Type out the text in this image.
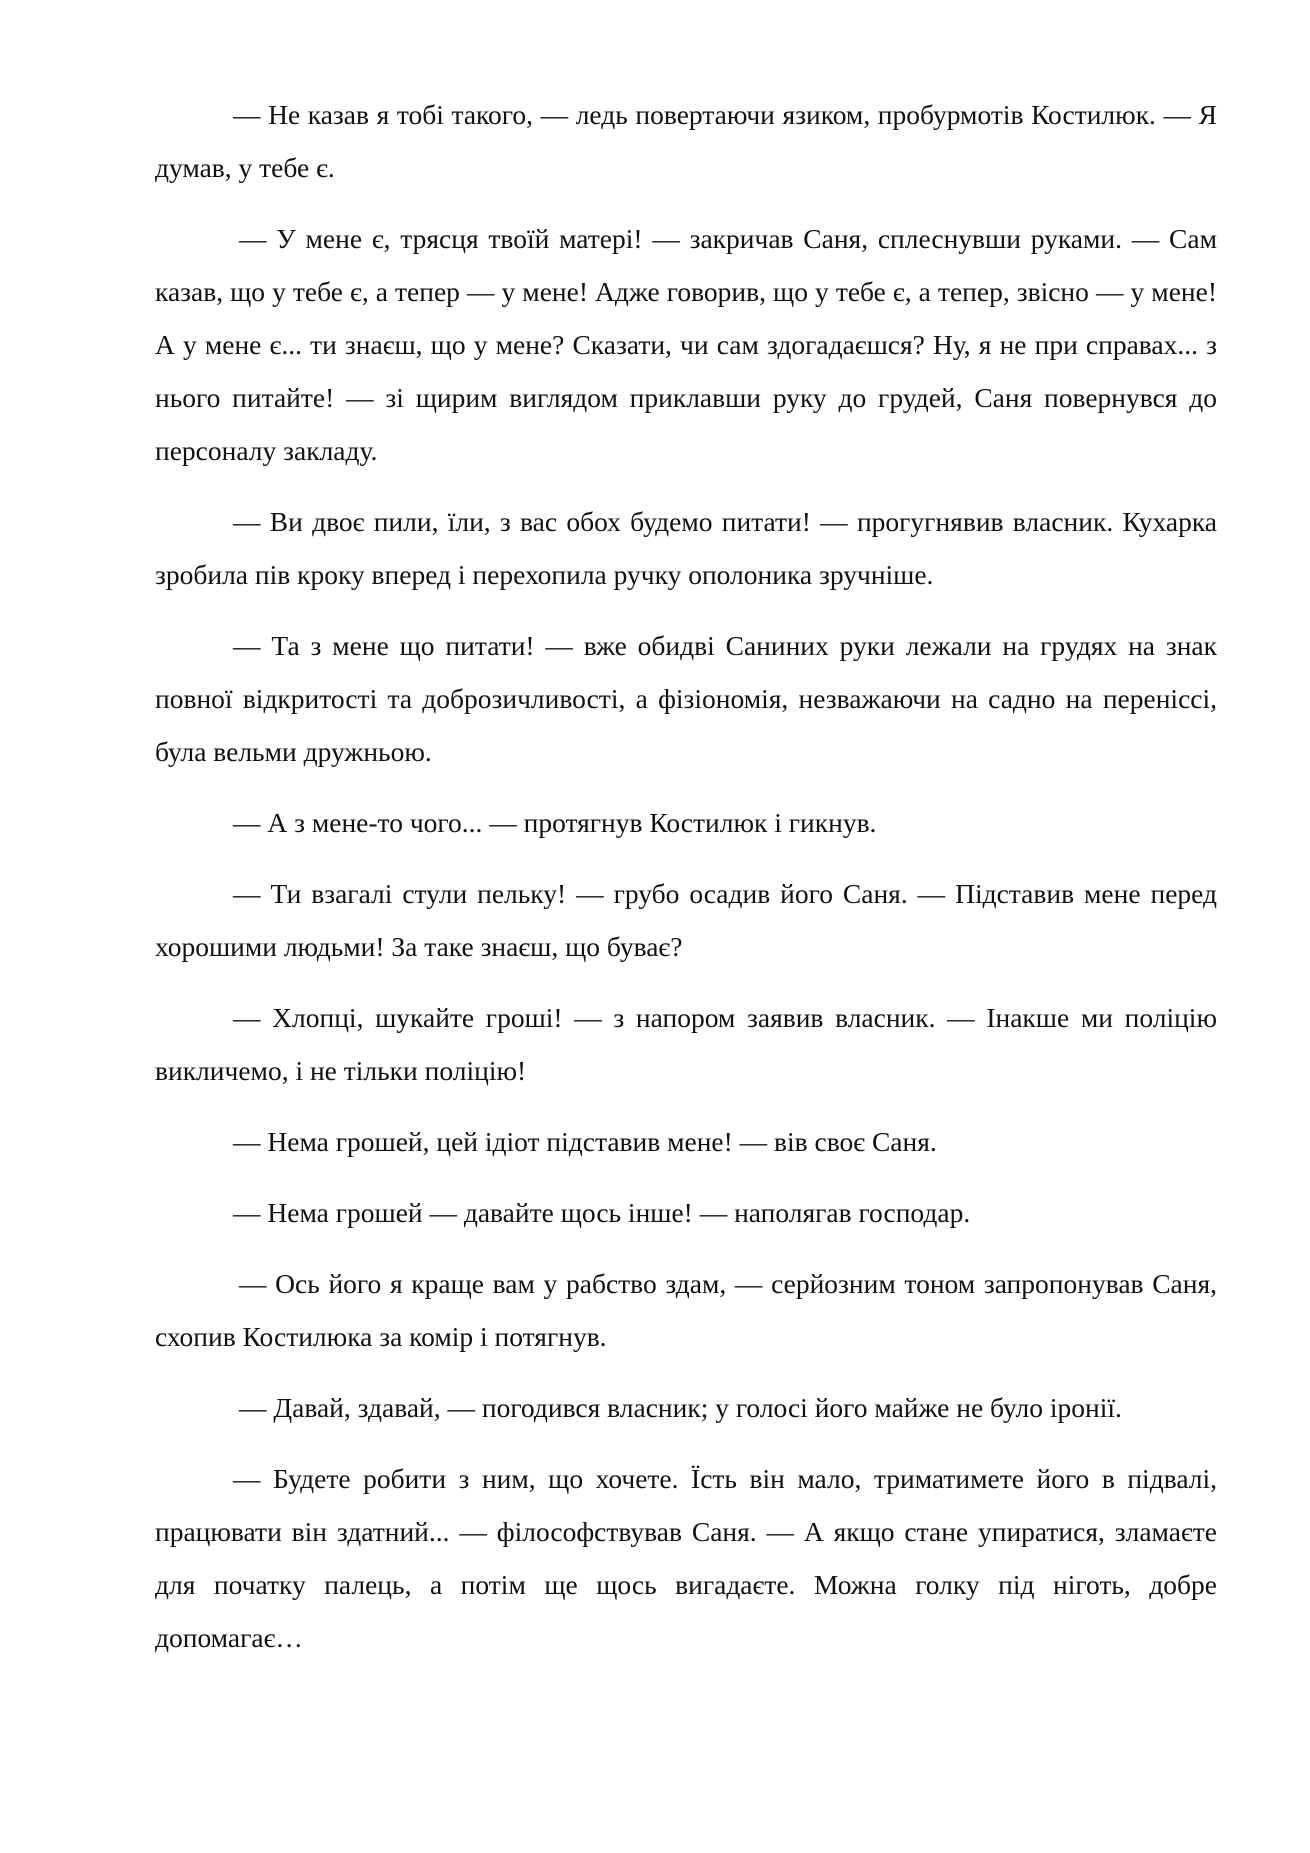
— Не казав я тобі такого, — ледь повертаючи язиком, пробурмотів Костилюк. — Я думав, у тебе є.

— У мене є, трясця твоїй матері! — закричав Саня, сплеснувши руками. — Сам казав, що у тебе є, а тепер — у мене! Адже говорив, що у тебе є, а тепер, звісно — у мене! А у мене є... ти знаєш, що у мене? Сказати, чи сам здогадаєшся? Ну, я не при справах... з нього питайте! — зі щирим виглядом приклавши руку до грудей, Саня повернувся до персоналу закладу.

— Ви двоє пили, їли, з вас обох будемо питати! — прогугнявив власник. Кухарка зробила пів кроку вперед і перехопила ручку ополоника зручніше.

— Та з мене що питати! — вже обидві Саниних руки лежали на грудях на знак повної відкритості та доброзичливості, а фізіономія, незважаючи на садно на переніссі, була вельми дружньою.

— А з мене-то чого... — протягнув Костилюк і гикнув.

— Ти взагалі стули пельку! — грубо осадив його Саня. — Підставив мене перед хорошими людьми! За таке знаєш, що буває?

— Хлопці, шукайте гроші! — з напором заявив власник. — Інакше ми поліцію викличемо, і не тільки поліцію!

— Нема грошей, цей ідіот підставив мене! — вів своє Саня.

— Нема грошей — давайте щось інше! — наполягав господар.

— Ось його я краще вам у рабство здам, — серйозним тоном запропонував Саня, схопив Костилюка за комір і потягнув.

— Давай, здавай, — погодився власник; у голосі його майже не було іронії.

— Будете робити з ним, що хочете. Їсть він мало, триматимете його в підвалі, працювати він здатний... — філософствував Саня. — А якщо стане упиратися, зламаєте для початку палець, а потім ще щось вигадаєте. Можна голку під ніготь, добре допомагає…
